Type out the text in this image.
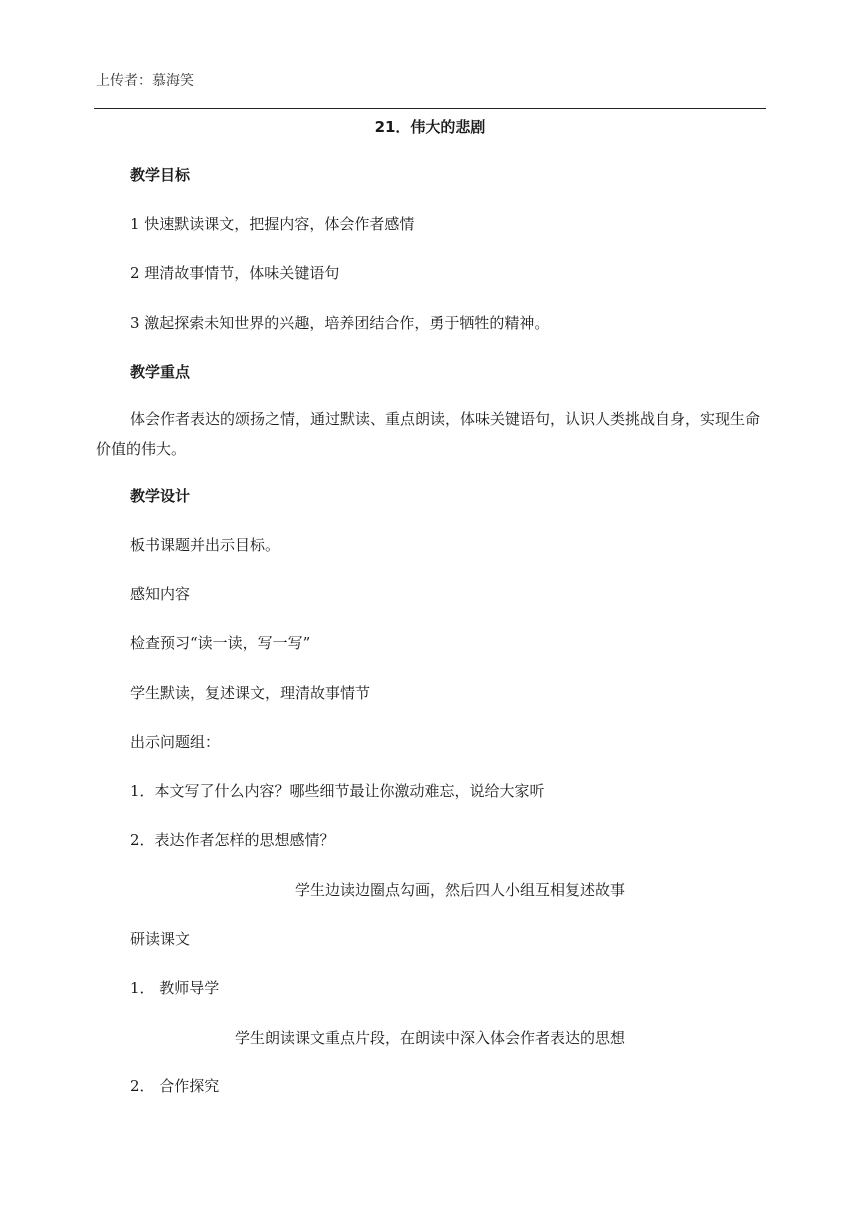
上传者：慕海笑
21．伟大的悲剧
教学目标
1 快速默读课文，把握内容，体会作者感情
2 理清故事情节，体味关键语句
3 激起探索未知世界的兴趣，培养团结合作，勇于牺牲的精神。
教学重点
体会作者表达的颂扬之情，通过默读、重点朗读，体味关键语句，认识人类挑战自身，实现生命价值的伟大。
教学设计
板书课题并出示目标。
感知内容
检查预习“读一读，写一写”
学生默读，复述课文，理清故事情节
出示问题组：
1．本文写了什么内容？哪些细节最让你激动难忘，说给大家听
2．表达作者怎样的思想感情？
学生边读边圈点勾画，然后四人小组互相复述故事
研读课文
1． 教师导学
学生朗读课文重点片段，在朗读中深入体会作者表达的思想
2． 合作探究
